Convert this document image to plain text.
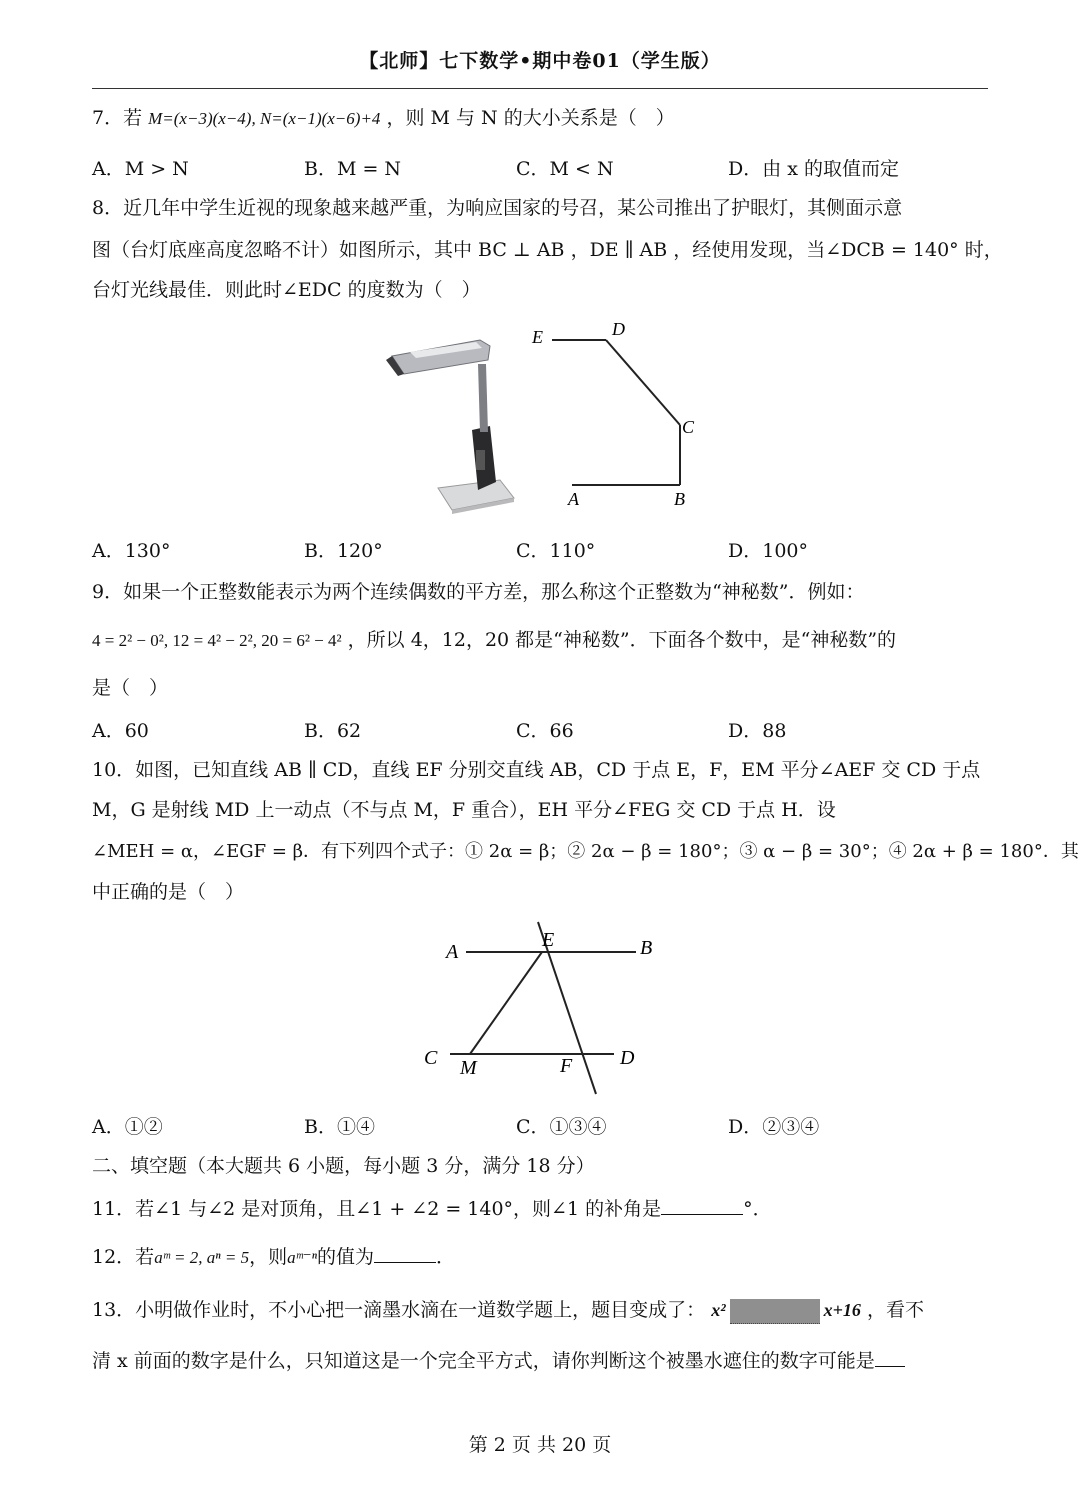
【北师】七下数学•期中卷01（学生版）
7．若 M=(x−3)(x−4), N=(x−1)(x−6)+4 ，则 M 与 N 的大小关系是（　）
A．M > N	B．M = N	C．M < N	D．由 x 的取值而定
8．近几年中学生近视的现象越来越严重，为响应国家的号召，某公司推出了护眼灯，其侧面示意
图（台灯底座高度忽略不计）如图所示，其中 BC ⊥ AB ，DE ∥ AB ，经使用发现，当∠DCB = 140° 时，
台灯光线最佳．则此时∠EDC 的度数为（　）
E	D
C
A	B
A．130°	B．120°	C．110°	D．100°
9．如果一个正整数能表示为两个连续偶数的平方差，那么称这个正整数为“神秘数”．例如：
4 = 2² − 0², 12 = 4² − 2², 20 = 6² − 4² ，所以 4，12，20 都是“神秘数”．下面各个数中，是“神秘数”的
是（　）
A．60	B．62	C．66	D．88
10．如图，已知直线 AB ∥ CD，直线 EF 分别交直线 AB，CD 于点 E，F，EM 平分∠AEF 交 CD 于点
M，G 是射线 MD 上一动点（不与点 M，F 重合），EH 平分∠FEG 交 CD 于点 H．设
∠MEH = α，∠EGF = β．有下列四个式子：① 2α = β；② 2α − β = 180°；③ α − β = 30°；④ 2α + β = 180°．其
中正确的是（　）
A
E	B
C M	F D
A．①②	B．①④	C．①③④	D．②③④
二、填空题（本大题共 6 小题，每小题 3 分，满分 18 分）
11．若∠1 与∠2 是对顶角，且∠1 + ∠2 = 140°，则∠1 的补角是	°．
12．若aᵐ = 2, aⁿ = 5，则aᵐ⁻ⁿ的值为	．
13．小明做作业时，不小心把一滴墨水滴在一道数学题上，题目变成了： x²	x+16 ，看不
清 x 前面的数字是什么，只知道这是一个完全平方式，请你判断这个被墨水遮住的数字可能是
第 2 页 共 20 页
